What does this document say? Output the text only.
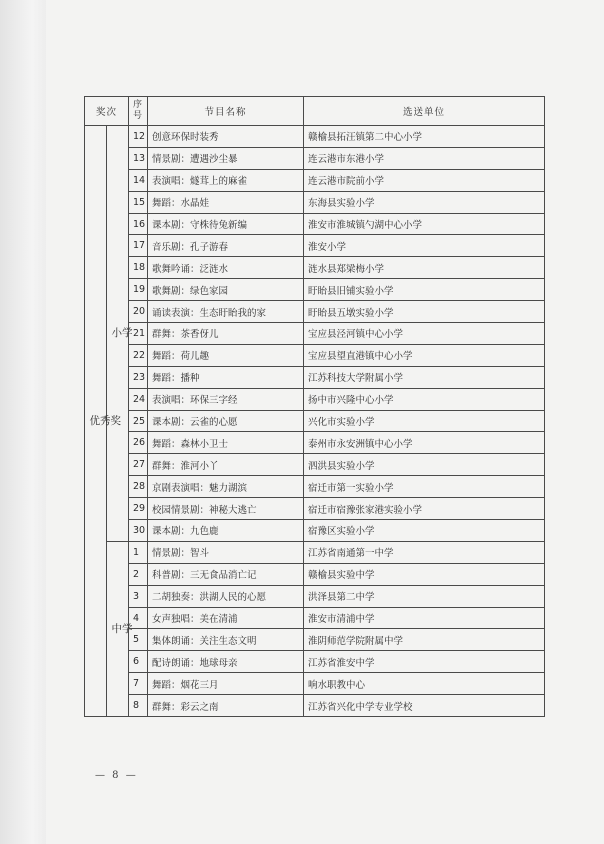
奖次		序号	节目名称	选送单位
优秀奖	小学	12	创意环保时装秀	赣榆县拓汪镇第二中心小学
		13	情景剧：遭遇沙尘暴	连云港市东港小学
		14	表演唱：燧茸上的麻雀	连云港市院前小学
		15	舞蹈：水晶娃	东海县实验小学
		16	课本剧：守株待兔新编	淮安市淮城镇勺湖中心小学
		17	音乐剧：孔子游春	淮安小学
		18	歌舞吟诵：泛涟水	涟水县郑梁梅小学
		19	歌舞剧：绿色家园	盱眙县旧铺实验小学
		20	诵读表演：生态盱眙我的家	盱眙县五墩实验小学
		21	群舞：茶香伢儿	宝应县泾河镇中心小学
		22	舞蹈：荷儿趣	宝应县望直港镇中心小学
		23	舞蹈：播种	江苏科技大学附属小学
		24	表演唱：环保三字经	扬中市兴隆中心小学
		25	课本剧：云雀的心愿	兴化市实验小学
		26	舞蹈：森林小卫士	泰州市永安洲镇中心小学
		27	群舞：淮河小丫	泗洪县实验小学
		28	京剧表演唱：魅力湖滨	宿迁市第一实验小学
		29	校园情景剧：神秘大逃亡	宿迁市宿豫张家港实验小学
		30	课本剧：九色鹿	宿豫区实验小学
	中学	1	情景剧：智斗	江苏省南通第一中学
		2	科普剧：三无食品消亡记	赣榆县实验中学
		3	二胡独奏：洪湖人民的心愿	洪泽县第二中学
		4	女声独唱：美在清浦	淮安市清浦中学
		5	集体朗诵：关注生态文明	淮阴师范学院附属中学
		6	配诗朗诵：地球母亲	江苏省淮安中学
		7	舞蹈：烟花三月	响水职教中心
		8	群舞：彩云之南	江苏省兴化中学专业学校
— 8 —
